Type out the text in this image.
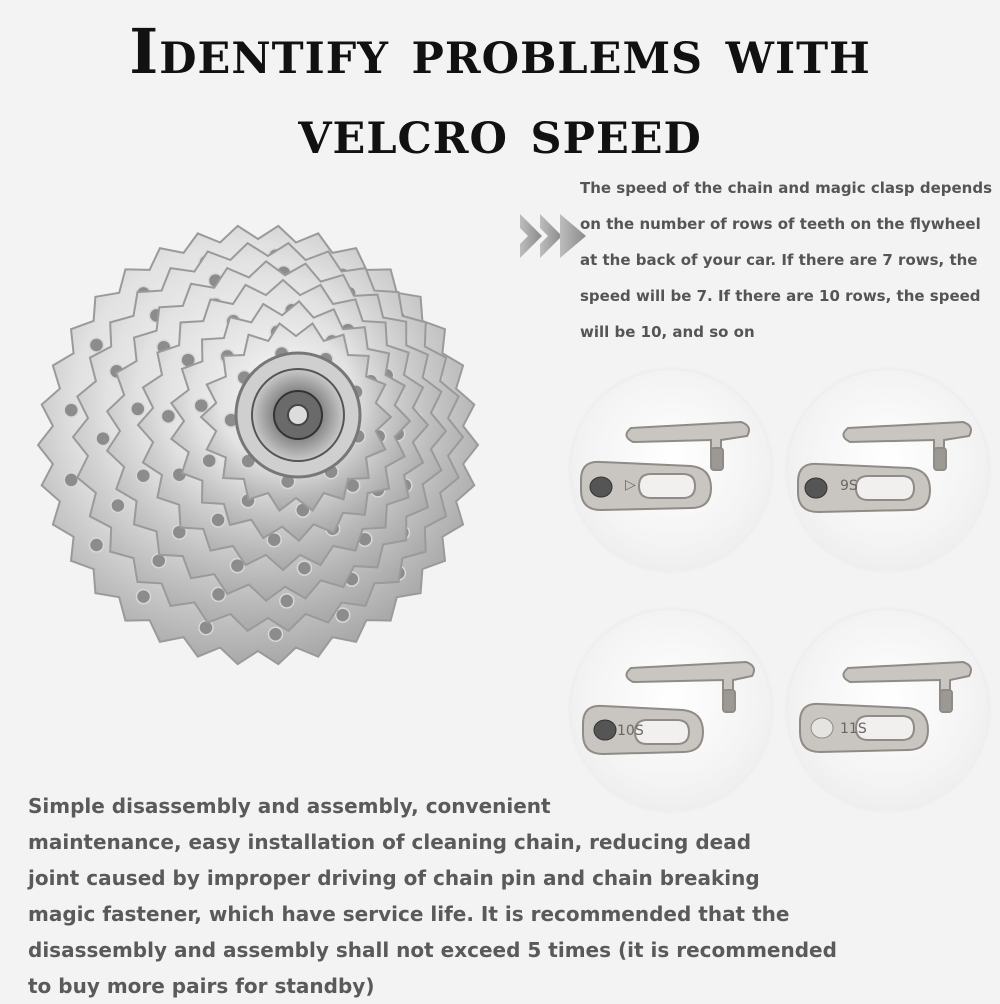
Identify problems with
velcro speed
The speed of the chain and magic clasp depends
on the number of rows of teeth on the flywheel
at the back of your car. If there are 7 rows, the
speed will be 7. If there are 10 rows, the speed
will be 10, and so on
▷	9S
10S	11S
Simple disassembly and assembly, convenient
maintenance, easy installation of cleaning chain, reducing dead
joint caused by improper driving of chain pin and chain breaking
magic fastener, which have service life. It is recommended that the
disassembly and assembly shall not exceed 5 times (it is recommended
to buy more pairs for standby)
